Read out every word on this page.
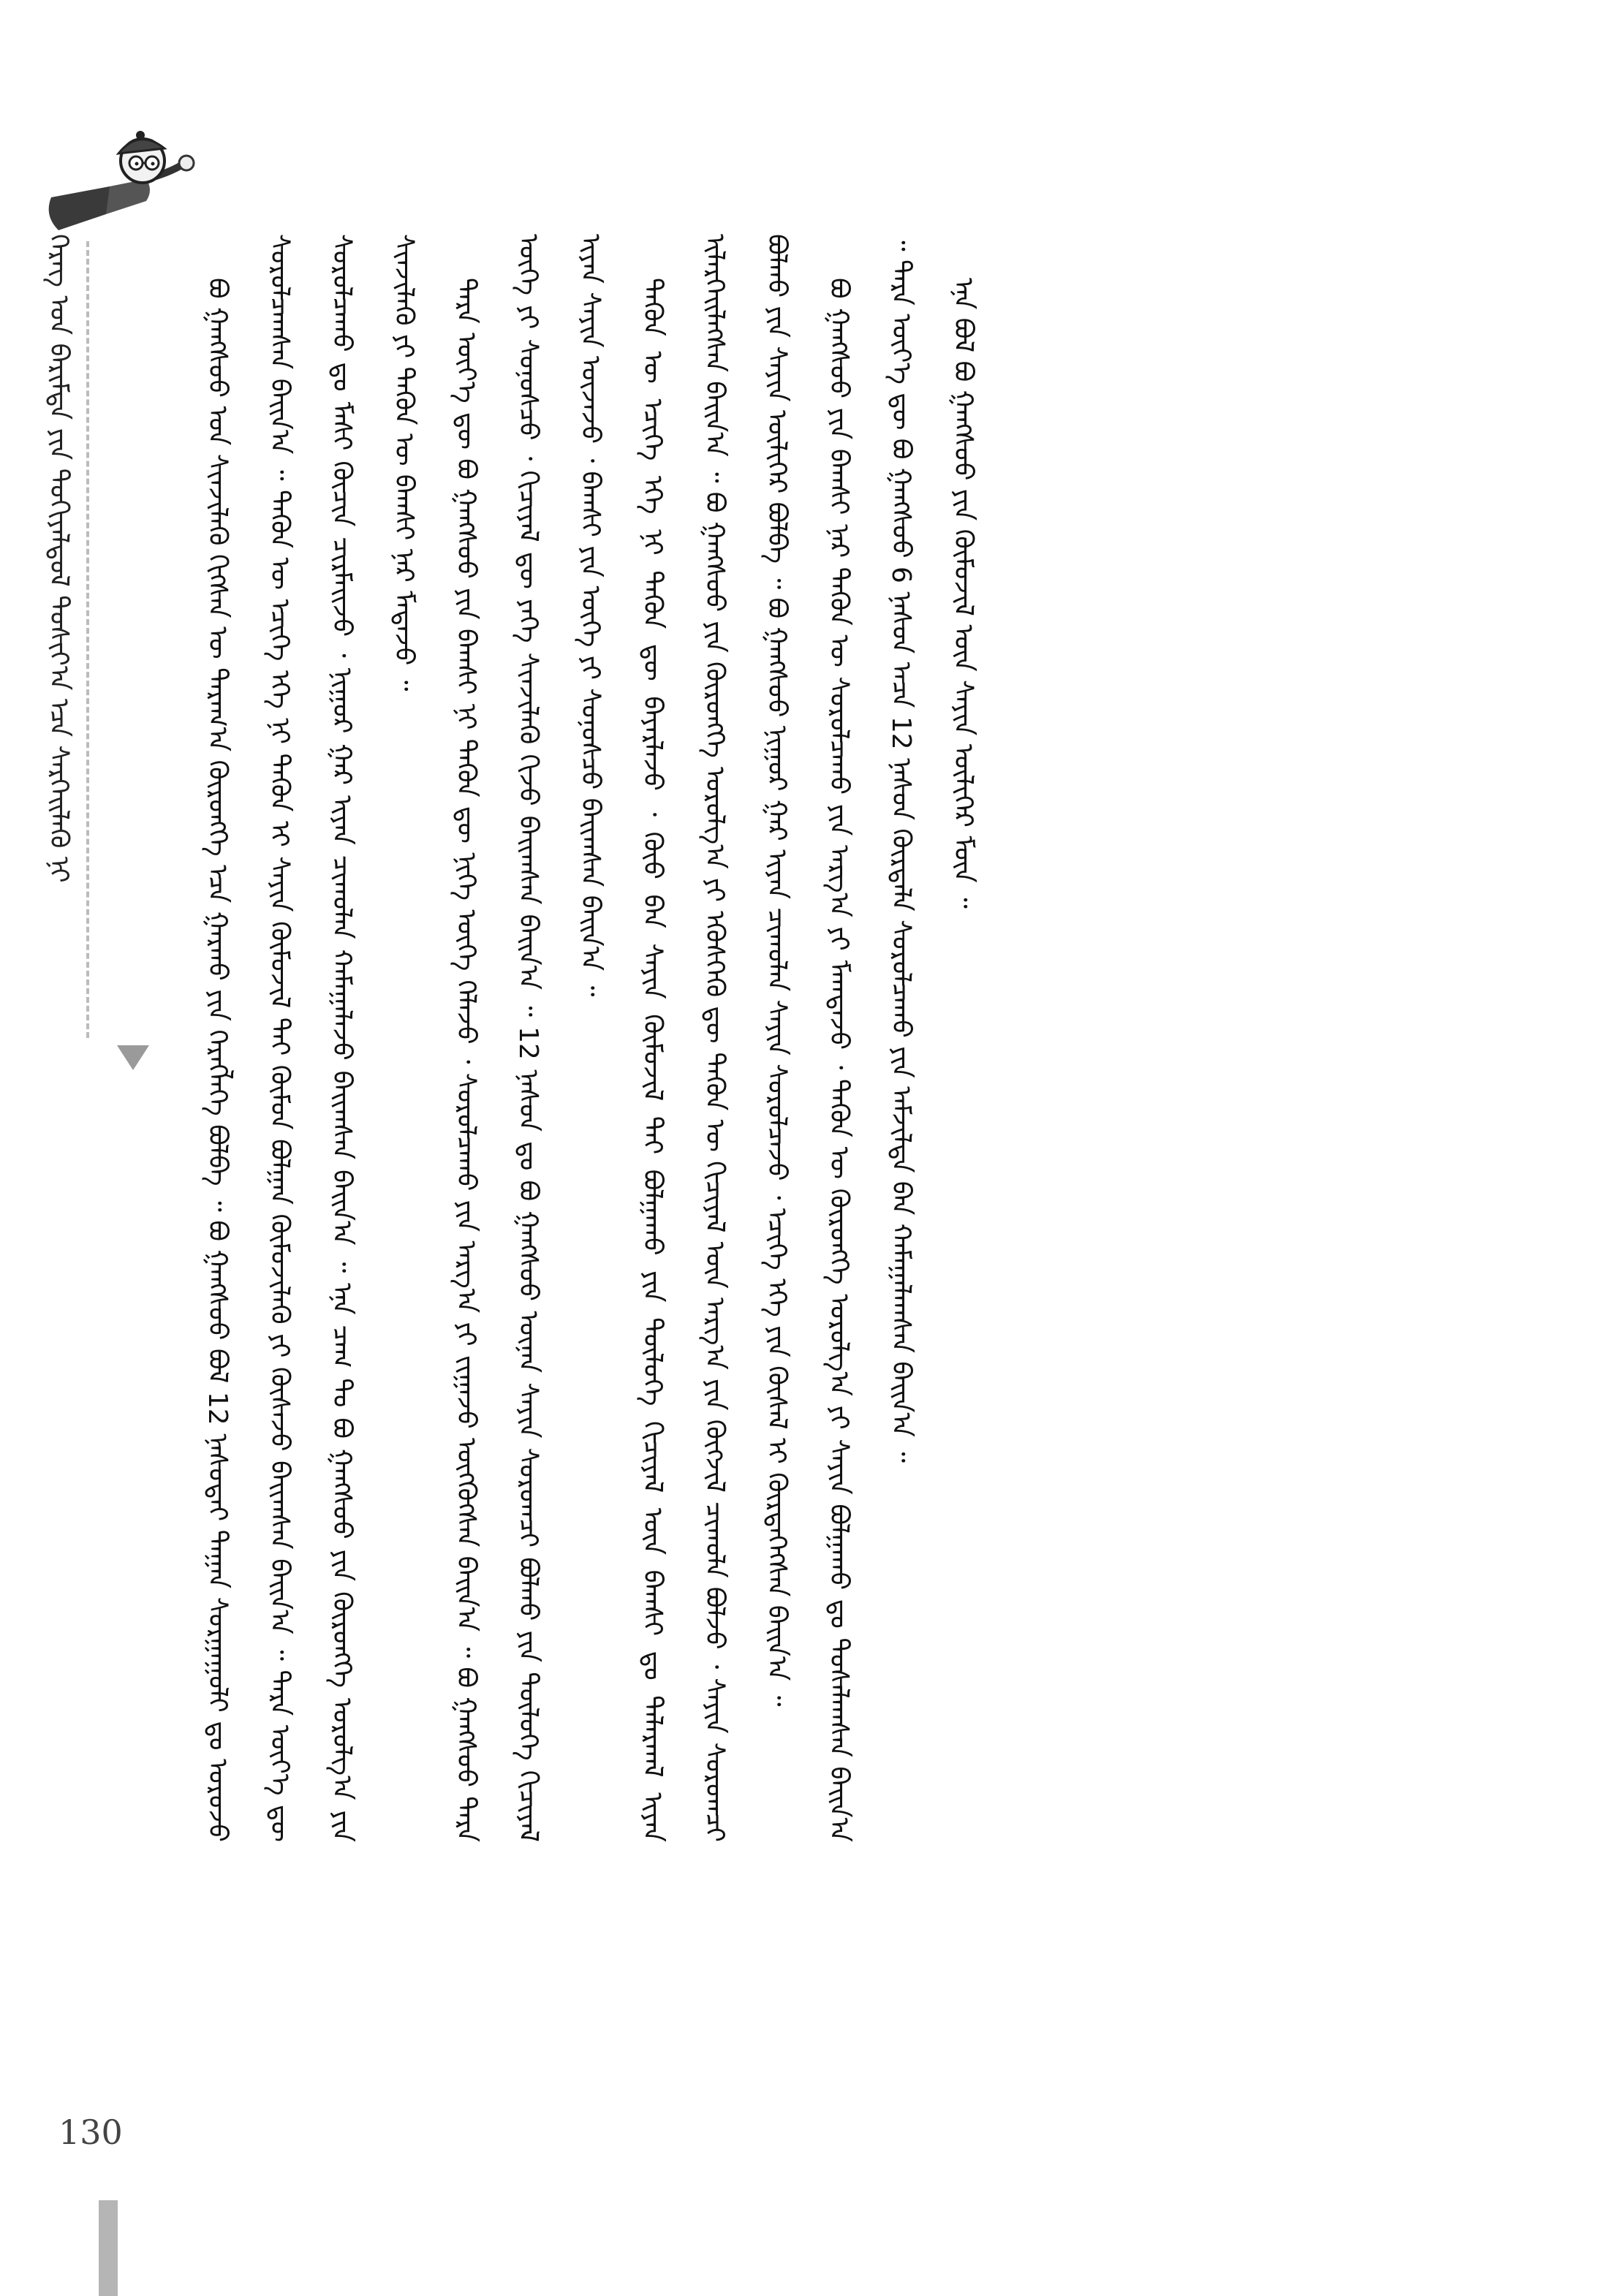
ᠬᠡᠷᠡᠭ ᠤᠨ ᠪᠠᠷᠢᠮᠲᠠ ᠶᠢᠨ ᠲᠣᠬᠢᠶᠠᠯᠳᠤᠯ ᠳᠣᠰᠢᠶ᠎ᠠ ᠡᠴᠡ ᠰᠡᠷᠭᠡᠢᠯᠡᠬᠦ ᠨᠢ	ᠪᠣ ᠭᠠᠩᠰᠤᠣ ᠤᠨ ᠰᠢᠨᠵᠢᠯᠡᠬᠦ ᠬᠢᠭᠰᠡᠨ ᠦ ᠳᠠᠷᠠᠭ᠎ᠠ ᠬᠥᠷᠦᠩᠭᠡ ᠡᠴᠡ ᠭᠠᠷᠬᠤ ᠶᠢᠨ ᠬᠡᠷᠡᠭᠯᠡᠭᠡ ᠪᠣᠯᠪᠠ ᠃ ᠪᠣ ᠭᠠᠩᠰᠤᠣ ᠪᠣᠯ 12 ᠨᠠᠰᠤᠲᠠᠢ ᠳᠠᠭᠠᠨ ᠰᠤᠷᠭᠠᠭᠤᠯᠢ ᠳᠤ ᠣᠷᠣᠵᠤ ᠰᠤᠷᠤᠯᠴᠠᠭᠰᠠᠨ ᠪᠠᠢᠨ᠎ᠠ ᠃ ᠲᠡᠭᠦᠨ ᠦ ᠡᠴᠢᠭᠡ ᠡᠬᠡ ᠨᠢ ᠲᠡᠭᠦᠨ ᠢ ᠰᠠᠶᠢᠨ ᠬᠦᠮᠦᠵᠢᠯ ᠲᠡᠢ ᠬᠦᠮᠦᠨ ᠪᠣᠯᠭᠠᠨ ᠬᠦᠮᠦᠵᠢᠯᠡᠬᠦ ᠶᠢ ᠬᠦᠰᠡᠵᠦ ᠪᠠᠢᠭᠰᠠᠨ ᠪᠠᠢᠨ᠎ᠠ ᠃ ᠲᠡᠷᠡ ᠦᠶ᠎ᠡ ᠳᠦ ᠰᠤᠷᠤᠯᠴᠠᠬᠤ ᠳᠤ ᠮᠠᠰᠢ ᠬᠦᠴᠢᠨ ᠴᠢᠷᠮᠠᠢᠵᠤ ᠂ ᠨᠢᠭᠤᠷ ᠭᠠᠷ ᠢᠶᠠᠨ ᠴᠢᠬᠤᠯᠠᠨ ᠬᠠᠮᠠᠭᠠᠯᠠᠵᠤ ᠪᠠᠢᠭᠰᠠᠨ ᠪᠠᠢᠨ᠎ᠠ ᠃ ᠡᠨᠡ ᠴᠠᠭ ᠲᠤ ᠪᠣ ᠭᠠᠩᠰᠤᠣ ᠶᠢᠨ ᠬᠥᠷᠦᠩᠭᠡ ᠣᠷᠣᠯᠭ᠎ᠠ ᠶᠢᠨ ᠰᠢᠨᠵᠢᠯᠡᠬᠦ ᠶᠢ ᠲᠡᠭᠦᠨ ᠦ ᠪᠠᠭᠰᠢ ᠨᠠᠷ ᠮᠡᠳᠡᠵᠦ ᠃	ᠲᠡᠷᠡ ᠦᠶ᠎ᠡ ᠳᠦ ᠪᠣ ᠭᠠᠩᠰᠤᠣ ᠶᠢᠨ ᠪᠠᠭᠰᠢ ᠨᠢ ᠲᠡᠭᠦᠨ ᠳᠦ ᠨᠢᠭᠡ ᠦᠭᠡ ᠬᠡᠯᠡᠵᠦ ᠂ ᠰᠤᠷᠤᠯᠴᠠᠬᠤ ᠶᠢᠨ ᠠᠷᠭ᠎ᠠ ᠶᠢ ᠵᠢᠭᠠᠵᠤ ᠦᠭᠭᠦᠭᠰᠡᠨ ᠪᠠᠢᠨ᠎ᠠ ᠃ ᠪᠣ ᠭᠠᠩᠰᠤᠣ ᠲᠡᠷᠡ ᠦᠭᠡ ᠶᠢ ᠰᠣᠨᠣᠰᠴᠤ ᠂ ᠬᠢᠴᠢᠶᠡᠯ ᠳᠦ ᠶᠡᠬᠡ ᠰᠢᠨᠵᠢᠯᠡᠬᠦ ᠬᠢᠵᠦ ᠪᠠᠢᠭᠰᠠᠨ ᠪᠠᠢᠨ᠎ᠠ ᠃ 12 ᠨᠠᠰᠤᠨ ᠳᠤ ᠪᠣ ᠭᠠᠩᠰᠤᠣ ᠦᠨᠡᠨ ᠰᠠᠶᠢᠨ ᠰᠤᠷᠤᠭᠴᠢ ᠪᠣᠯᠬᠤ ᠶᠢᠨ ᠲᠥᠯᠦᠭᠡ ᠬᠢᠴᠢᠶᠡᠯ ᠢᠶᠡᠨ ᠰᠠᠶᠢᠨ ᠦᠵᠡᠵᠦ ᠂ ᠪᠠᠭᠰᠢ ᠶᠢᠨ ᠦᠭᠡ ᠶᠢ ᠰᠣᠨᠣᠰᠴᠤ ᠪᠠᠢᠭᠰᠠᠨ ᠪᠠᠢᠨ᠎ᠠ ᠃	ᠲᠡᠭᠦᠨ ᠦ ᠡᠴᠢᠭᠡ ᠡᠬᠡ ᠨᠢ ᠲᠡᠭᠦᠨ ᠳᠦ ᠪᠠᠶᠠᠷᠯᠠᠵᠤ ᠂ ᠬᠦᠦ ᠪᠠᠨ ᠰᠠᠶᠢᠨ ᠬᠦᠮᠦᠵᠢᠯ ᠲᠡᠢ ᠪᠣᠯᠭᠠᠬᠤ ᠶᠢᠨ ᠲᠥᠯᠦᠭᠡ ᠬᠢᠴᠢᠶᠡᠯ ᠦᠨ ᠪᠠᠭᠰᠢ ᠳᠤ ᠲᠠᠯᠠᠷᠬᠠᠯ ᠢᠶᠡᠨ ᠢᠯᠡᠷᠬᠡᠢᠯᠡᠭᠰᠡᠨ ᠪᠠᠢᠨ᠎ᠠ ᠃ ᠪᠣ ᠭᠠᠩᠰᠤᠣ ᠶᠢᠨ ᠬᠥᠷᠦᠩᠭᠡ ᠣᠷᠣᠯᠭ᠎ᠠ ᠶᠢ ᠡᠭᠦᠰᠬᠡᠬᠦ ᠳᠦ ᠲᠡᠭᠦᠨ ᠦ ᠬᠢᠴᠢᠶᠡᠯ ᠦᠨ ᠠᠷᠭ᠎ᠠ ᠶᠢᠨ ᠬᠥᠭᠵᠢᠯ ᠴᠢᠬᠤᠯᠠ ᠪᠣᠯᠵᠤ ᠂ ᠰᠠᠶᠢᠨ ᠰᠤᠷᠤᠭᠴᠢ ᠪᠣᠯᠬᠤ ᠶᠢᠨ ᠰᠠᠶᠢᠨ ᠦᠯᠢᠭᠡᠷ ᠪᠣᠯᠪᠠ ᠃ ᠪᠣ ᠭᠠᠩᠰᠤᠣ ᠨᠢᠭᠤᠷ ᠭᠠᠷ ᠢᠶᠠᠨ ᠴᠢᠬᠤᠯᠠᠨ ᠰᠠᠶᠢᠨ ᠰᠤᠷᠤᠯᠴᠠᠵᠤ ᠂ ᠡᠴᠢᠭᠡ ᠡᠬᠡ ᠶᠢᠨ ᠬᠦᠰᠡᠯ ᠢ ᠬᠦᠷᠲᠡᠭᠡᠭᠰᠡᠨ ᠪᠠᠢᠨ᠎ᠠ ᠃	ᠪᠣ ᠭᠠᠩᠰᠤᠣ ᠶᠢᠨ ᠪᠠᠭᠰᠢ ᠨᠠᠷ ᠲᠡᠭᠦᠨ ᠦ ᠰᠤᠷᠤᠯᠴᠠᠬᠤ ᠶᠢᠨ ᠠᠷᠭ᠎ᠠ ᠶᠢ ᠮᠠᠭᠲᠠᠵᠤ ᠂ ᠲᠡᠭᠦᠨ ᠦ ᠬᠥᠷᠦᠩᠭᠡ ᠣᠷᠣᠯᠭ᠎ᠠ ᠶᠢ ᠰᠠᠶᠢᠨ ᠪᠣᠯᠭᠠᠬᠤ ᠳᠤ ᠲᠤᠰᠠᠯᠠᠭᠰᠠᠨ ᠪᠠᠢᠨ᠎ᠠ ᠃ ᠲᠡᠷᠡ ᠦᠶ᠎ᠡ ᠳᠦ ᠪᠣ ᠭᠠᠩᠰᠤᠣ 6 ᠨᠠᠰᠤᠨ ᠠᠴᠠ 12 ᠨᠠᠰᠤᠨ ᠬᠦᠷᠲᠡᠯᠡ ᠰᠤᠷᠤᠯᠴᠠᠬᠤ ᠶᠢᠨ ᠠᠮᠵᠢᠯᠲᠠ ᠪᠠᠨ ᠬᠠᠮᠠᠭᠠᠯᠠᠭᠰᠠᠨ ᠪᠠᠢᠨ᠎ᠠ ᠃	ᠡᠨᠡ ᠪᠣᠯ ᠪᠣ ᠭᠠᠩᠰᠤᠣ ᠶᠢᠨ ᠬᠦᠮᠦᠵᠢᠯ ᠦᠨ ᠰᠠᠶᠢᠨ ᠦᠯᠢᠭᠡᠷ ᠮᠥᠨ ᠃

130
